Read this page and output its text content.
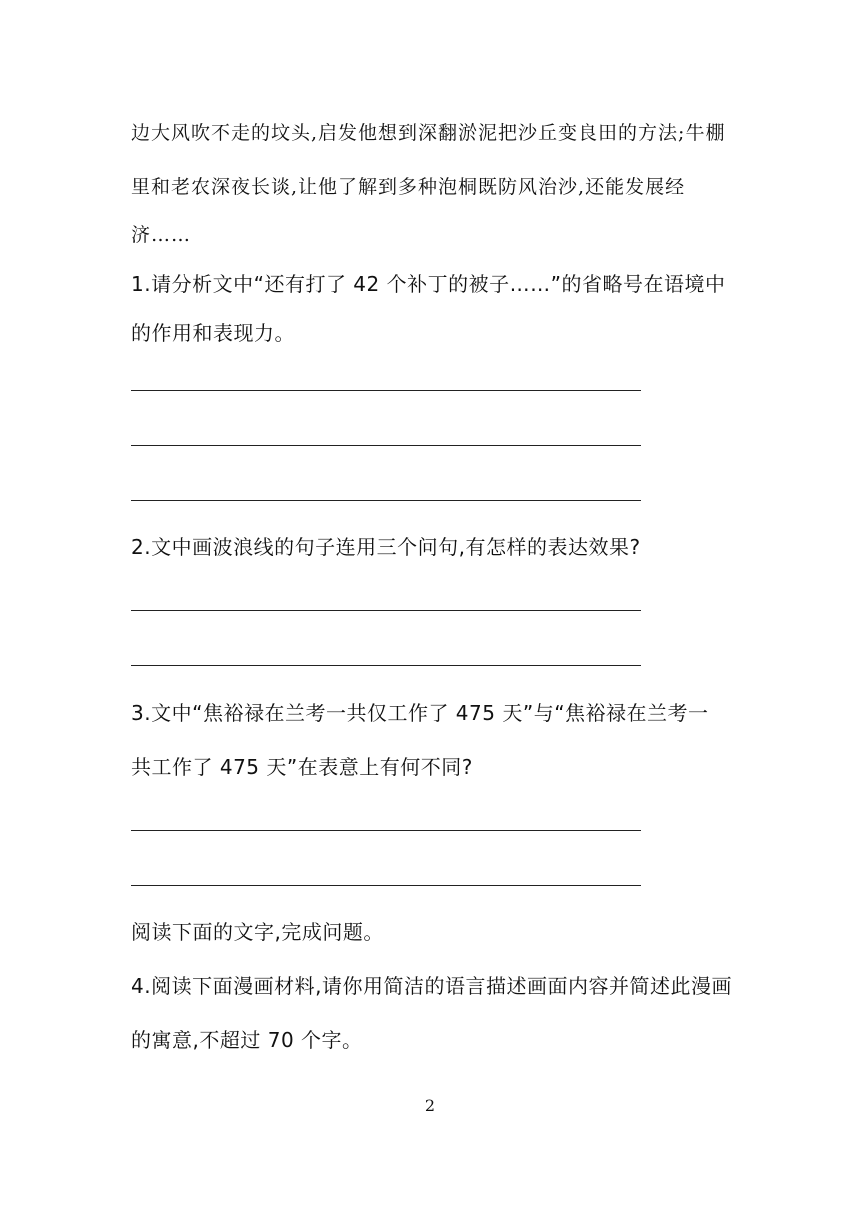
边大风吹不走的坟头,启发他想到深翻淤泥把沙丘变良田的方法;牛棚
里和老农深夜长谈,让他了解到多种泡桐既防风治沙,还能发展经
济……
1.请分析文中“还有打了 42 个补丁的被子……”的省略号在语境中
的作用和表现力。
2.文中画波浪线的句子连用三个问句,有怎样的表达效果?
3.文中“焦裕禄在兰考一共仅工作了 475 天”与“焦裕禄在兰考一
共工作了 475 天”在表意上有何不同?
阅读下面的文字,完成问题。
4.阅读下面漫画材料,请你用简洁的语言描述画面内容并简述此漫画
的寓意,不超过 70 个字。
2
